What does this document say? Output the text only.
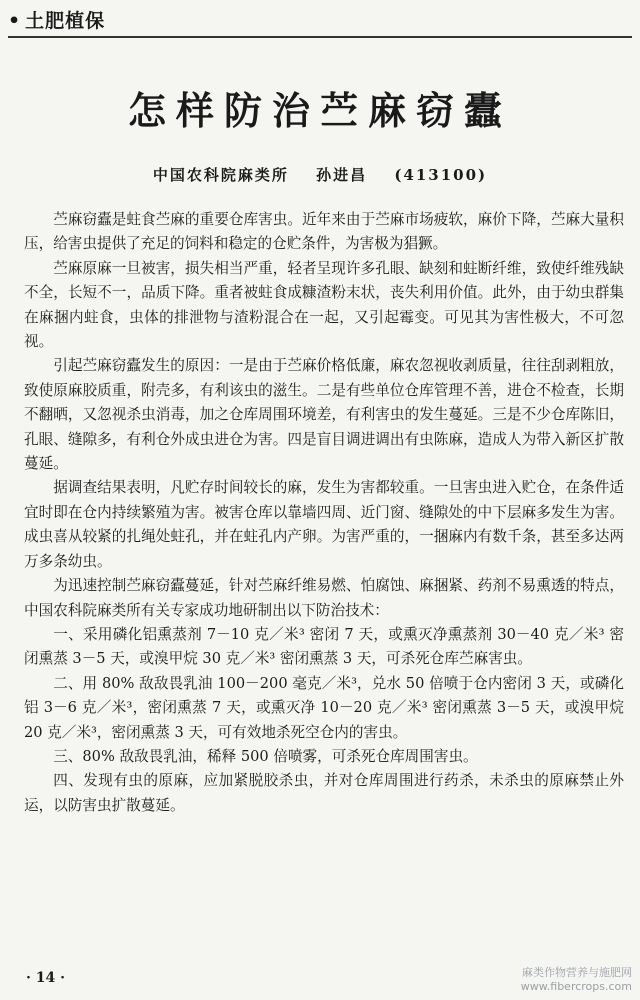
• 土肥植保
怎样防治苎麻窃蠹
中国农科院麻类所 孙进昌 (413100)

苎麻窃蠹是蛀食苎麻的重要仓库害虫。近年来由于苎麻市场疲软，麻价下降，苎麻大量积压，给害虫提供了充足的饲料和稳定的仓贮条件，为害极为猖獗。

苎麻原麻一旦被害，损失相当严重，轻者呈现许多孔眼、缺刻和蛀断纤维，致使纤维残缺不全，长短不一，品质下降。重者被蛀食成糠渣粉末状，丧失利用价值。此外，由于幼虫群集在麻捆内蛀食，虫体的排泄物与渣粉混合在一起，又引起霉变。可见其为害性极大，不可忽视。

引起苎麻窃蠹发生的原因：一是由于苎麻价格低廉，麻农忽视收剥质量，往往刮剥粗放，致使原麻胶质重，附壳多，有利该虫的滋生。二是有些单位仓库管理不善，进仓不检查，长期不翻晒，又忽视杀虫消毒，加之仓库周围环境差，有利害虫的发生蔓延。三是不少仓库陈旧，孔眼、缝隙多，有利仓外成虫进仓为害。四是盲目调进调出有虫陈麻，造成人为带入新区扩散蔓延。

据调查结果表明，凡贮存时间较长的麻，发生为害都较重。一旦害虫进入贮仓，在条件适宜时即在仓内持续繁殖为害。被害仓库以靠墙四周、近门窗、缝隙处的中下层麻多发生为害。成虫喜从较紧的扎绳处蛀孔，并在蛀孔内产卵。为害严重的，一捆麻内有数千条，甚至多达两万多条幼虫。

为迅速控制苎麻窃蠹蔓延，针对苎麻纤维易燃、怕腐蚀、麻捆紧、药剂不易熏透的特点，中国农科院麻类所有关专家成功地研制出以下防治技术：

一、采用磷化铝熏蒸剂 7－10 克／米³ 密闭 7 天，或熏灭净熏蒸剂 30－40 克／米³ 密闭熏蒸 3－5 天，或溴甲烷 30 克／米³ 密闭熏蒸 3 天，可杀死仓库苎麻害虫。

二、用 80% 敌敌畏乳油 100－200 毫克／米³，兑水 50 倍喷于仓内密闭 3 天，或磷化铝 3－6 克／米³，密闭熏蒸 7 天，或熏灭净 10－20 克／米³ 密闭熏蒸 3－5 天，或溴甲烷 20 克／米³，密闭熏蒸 3 天，可有效地杀死空仓内的害虫。

三、80% 敌敌畏乳油，稀释 500 倍喷雾，可杀死仓库周围害虫。

四、发现有虫的原麻，应加紧脱胶杀虫，并对仓库周围进行药杀，未杀虫的原麻禁止外运，以防害虫扩散蔓延。

· 14 ·	麻类作物营养与施肥网
www.fibercrops.com
